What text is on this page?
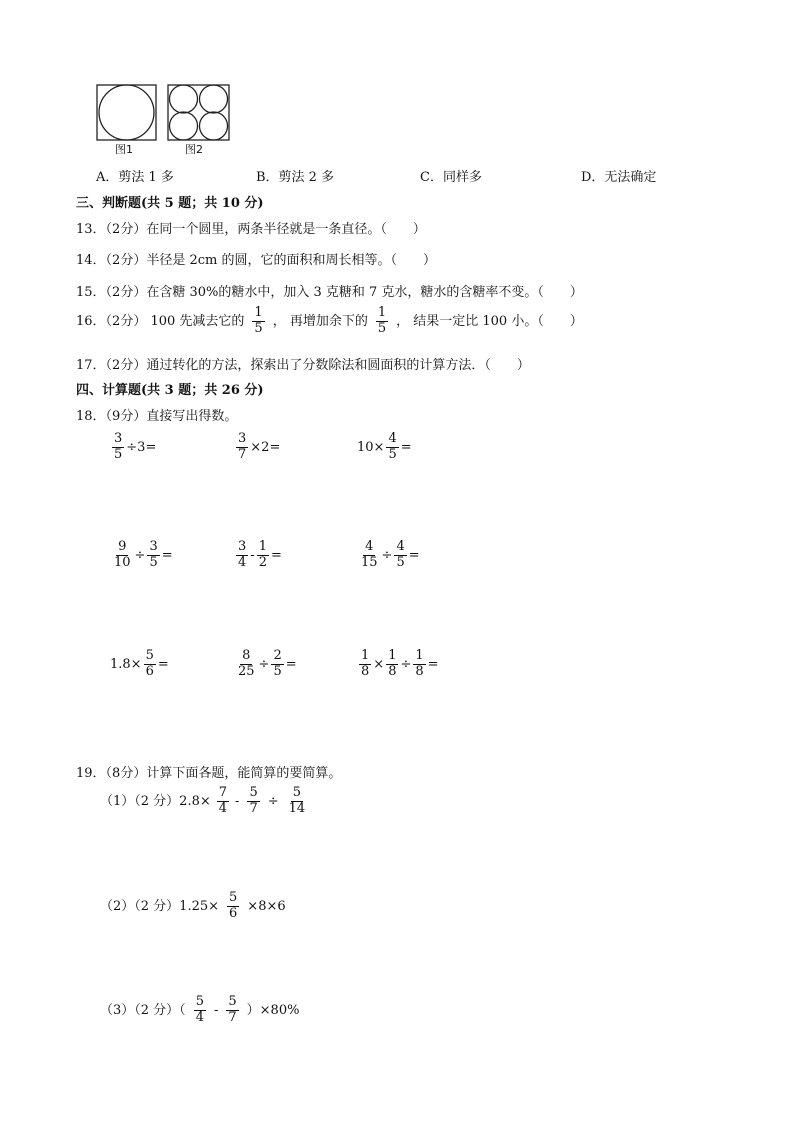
图1	图2
A．剪法 1 多	B．剪法 2 多	C．同样多	D．无法确定
三、判断题(共 5 题；共 10 分)
13．（2分）在同一个圆里，两条半径就是一条直径。（　　）
14．（2分）半径是 2cm 的圆，它的面积和周长相等。（　　）
15．（2分）在含糖 30%的糖水中，加入 3 克糖和 7 克水，糖水的含糖率不变。（　　）
16．（2分） 100 先减去它的 $\frac{1}{5}$ ， 再增加余下的 $\frac{1}{5}$ ， 结果一定比 100 小。（　　）
17．（2分）通过转化的方法，探索出了分数除法和圆面积的计算方法．（　　）
四、计算题(共 3 题；共 26 分)
18．（9分）直接写出得数。
$\frac{3}{5} \div 3=$	$\frac{3}{7} \times 2=$	$10\times \frac{4}{5}$ =
$\frac{9}{10} \div \frac{3}{5}$ =	$\frac{3}{4} - \frac{1}{2}$ =	$\frac{4}{15} \div \frac{4}{5}$ =
$1.8\times \frac{5}{6}$ =	$\frac{8}{25} \div \frac{2}{5}$ =	$\frac{1}{8} \times \frac{1}{8} \div \frac{1}{8}$ =
19．（8分）计算下面各题，能简算的要简算。
（1）（2 分）$2.8\times \frac{7}{4} - \frac{5}{7} \div \frac{5}{14}$
（2）（2 分）$1.25\times \frac{5}{6} \times 8\times 6$
（3）（2 分）（ $\frac{5}{4} - \frac{5}{7} )\times 80\%$
